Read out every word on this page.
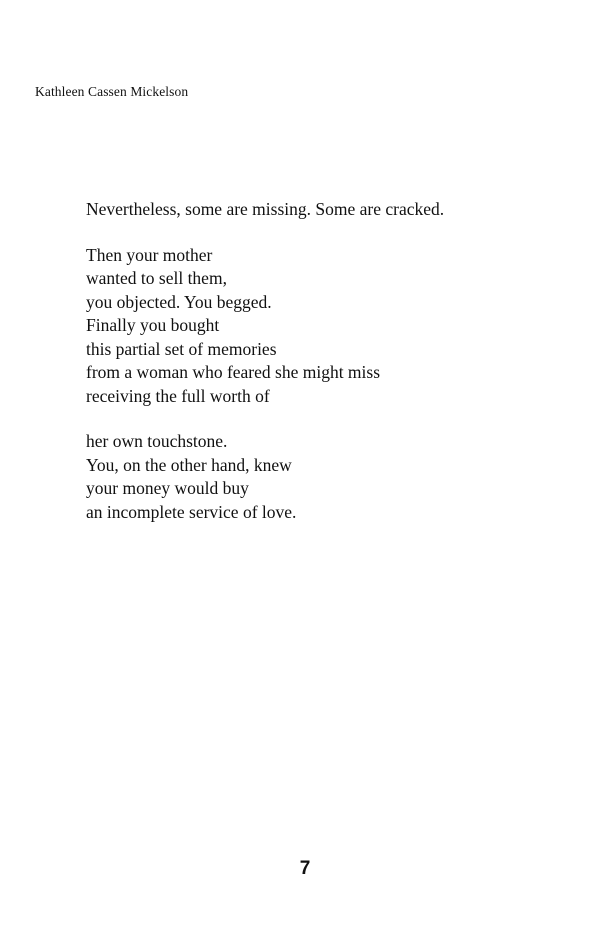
Kathleen Cassen Mickelson

Nevertheless, some are missing. Some are cracked.

Then your mother
wanted to sell them,
you objected. You begged.
Finally you bought
this partial set of memories
from a woman who feared she might miss
receiving the full worth of

her own touchstone.
You, on the other hand, knew
your money would buy
an incomplete service of love.

7
